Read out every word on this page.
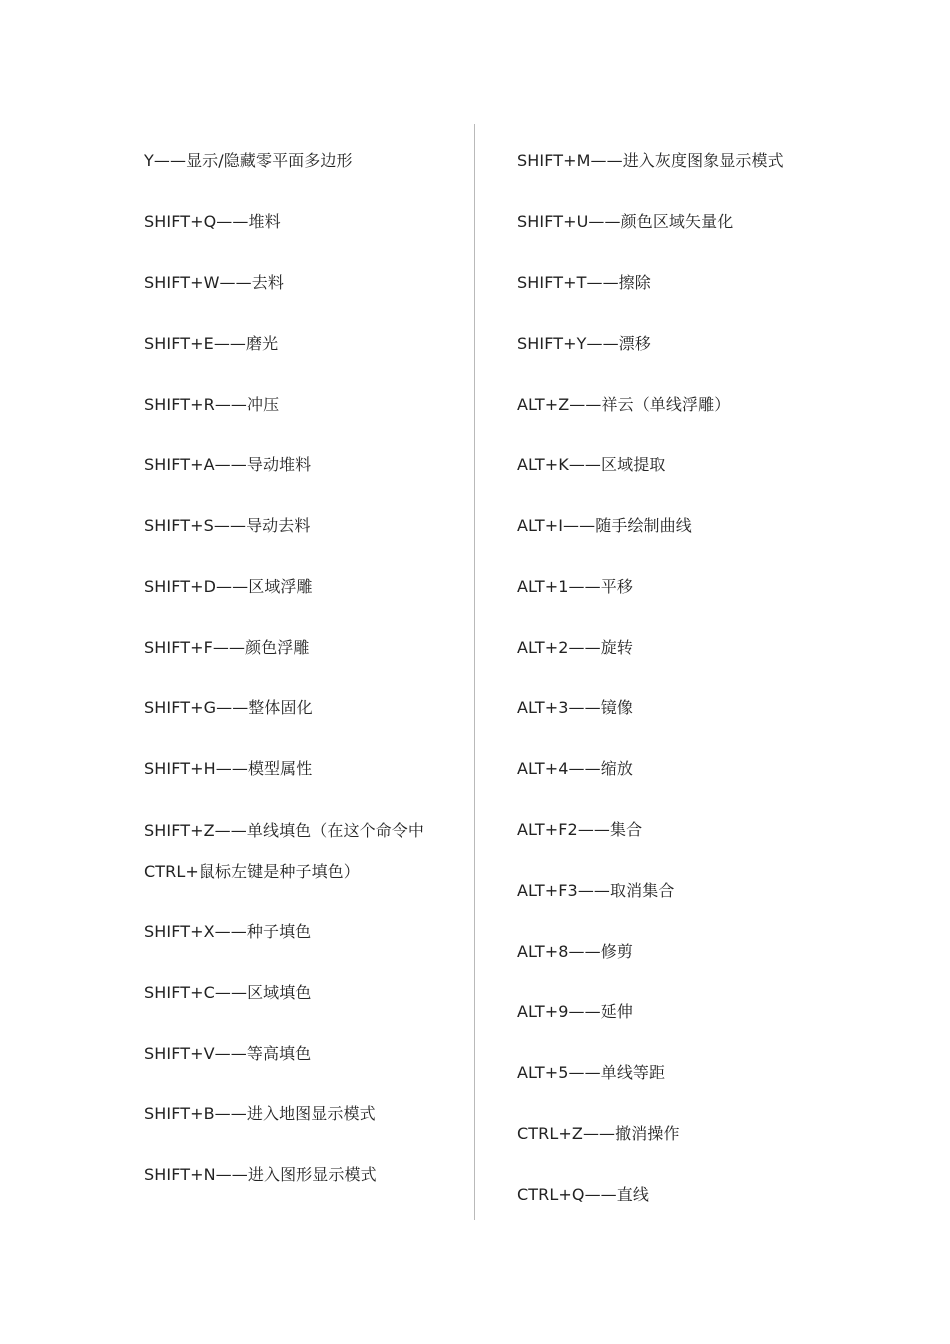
Y——显示/隐藏零平面多边形
SHIFT+Q——堆料
SHIFT+W——去料
SHIFT+E——磨光
SHIFT+R——冲压
SHIFT+A——导动堆料
SHIFT+S——导动去料
SHIFT+D——区域浮雕
SHIFT+F——颜色浮雕
SHIFT+G——整体固化
SHIFT+H——模型属性
SHIFT+Z——单线填色（在这个命令中CTRL+鼠标左键是种子填色）
SHIFT+X——种子填色
SHIFT+C——区域填色
SHIFT+V——等高填色
SHIFT+B——进入地图显示模式
SHIFT+N——进入图形显示模式
SHIFT+M——进入灰度图象显示模式
SHIFT+U——颜色区域矢量化
SHIFT+T——擦除
SHIFT+Y——漂移
ALT+Z——祥云（单线浮雕）
ALT+K——区域提取
ALT+I——随手绘制曲线
ALT+1——平移
ALT+2——旋转
ALT+3——镜像
ALT+4——缩放
ALT+F2——集合
ALT+F3——取消集合
ALT+8——修剪
ALT+9——延伸
ALT+5——单线等距
CTRL+Z——撤消操作
CTRL+Q——直线
